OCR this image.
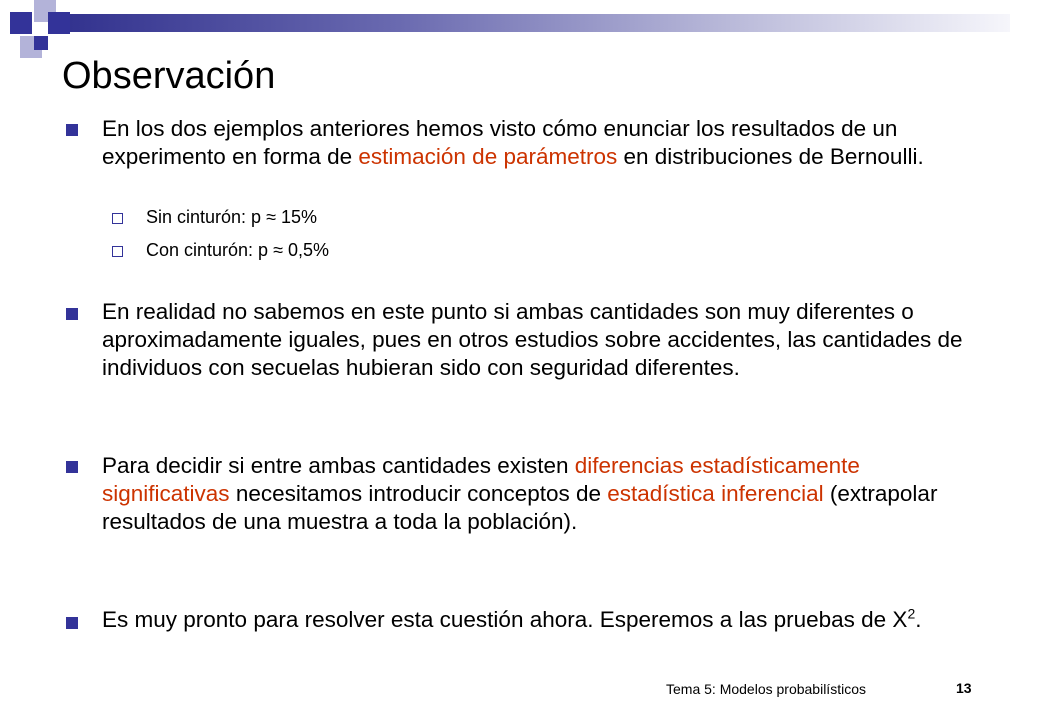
Observación
En los dos ejemplos anteriores hemos visto cómo enunciar los resultados de un experimento en forma de estimación de parámetros en distribuciones de Bernoulli.
Sin cinturón: p ≈ 15%
Con cinturón: p ≈ 0,5%
En realidad no sabemos en este punto si ambas cantidades son muy diferentes o aproximadamente iguales, pues en otros estudios sobre accidentes, las cantidades de individuos con secuelas hubieran sido con seguridad diferentes.
Para decidir si entre ambas cantidades existen diferencias estadísticamente significativas necesitamos introducir conceptos de estadística inferencial (extrapolar resultados de una muestra a toda la población).
Es muy pronto para resolver esta cuestión ahora. Esperemos a las pruebas de $X^2$.
Tema 5: Modelos probabilísticos	13
